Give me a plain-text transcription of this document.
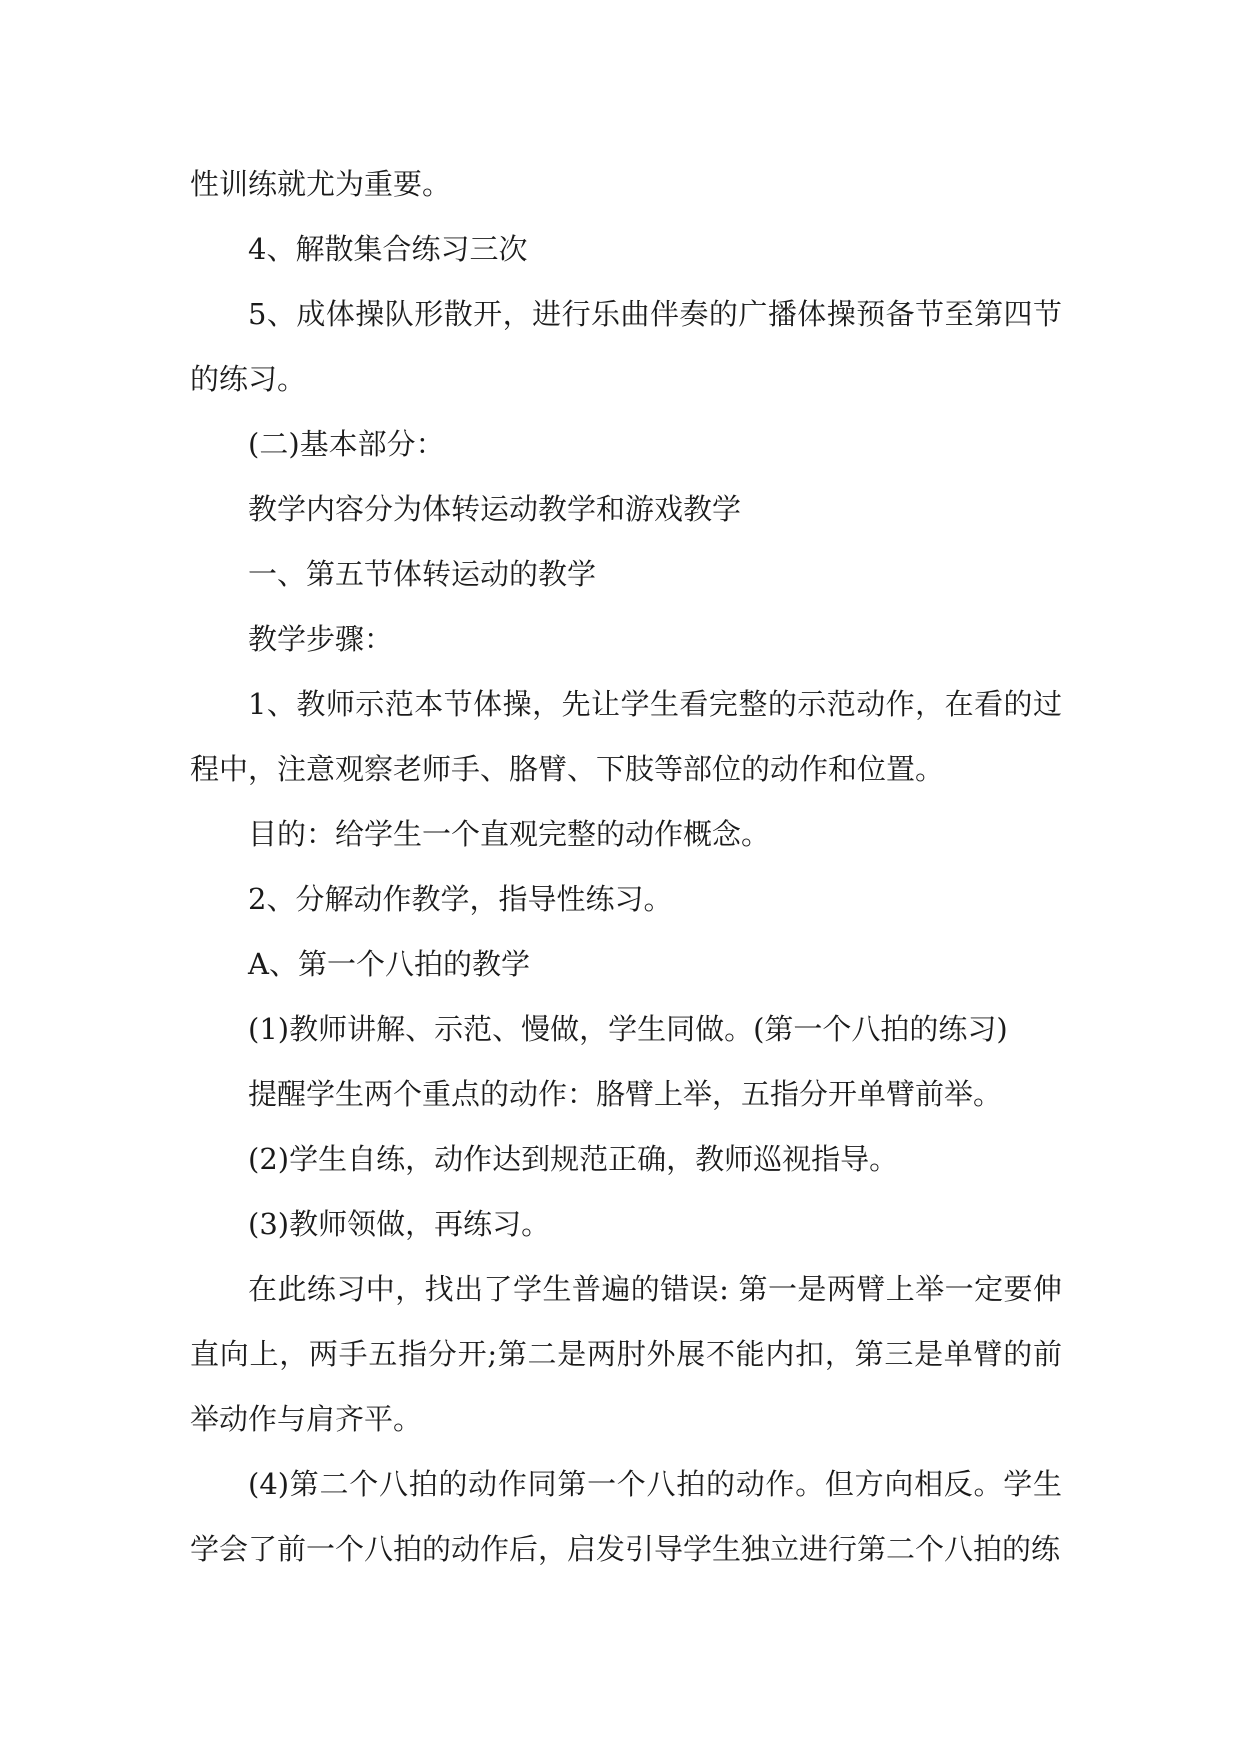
性训练就尤为重要。

4、解散集合练习三次

5、成体操队形散开，进行乐曲伴奏的广播体操预备节至第四节的练习。

(二)基本部分：

教学内容分为体转运动教学和游戏教学

一、第五节体转运动的教学

教学步骤：

1、教师示范本节体操，先让学生看完整的示范动作，在看的过程中，注意观察老师手、胳臂、下肢等部位的动作和位置。

目的：给学生一个直观完整的动作概念。

2、分解动作教学，指导性练习。

A、第一个八拍的教学

(1)教师讲解、示范、慢做，学生同做。(第一个八拍的练习)

提醒学生两个重点的动作：胳臂上举，五指分开单臂前举。

(2)学生自练，动作达到规范正确，教师巡视指导。

(3)教师领做，再练习。

在此练习中，找出了学生普遍的错误: 第一是两臂上举一定要伸直向上，两手五指分开;第二是两肘外展不能内扣，第三是单臂的前举动作与肩齐平。

(4)第二个八拍的动作同第一个八拍的动作。但方向相反。学生学会了前一个八拍的动作后，启发引导学生独立进行第二个八拍的练
